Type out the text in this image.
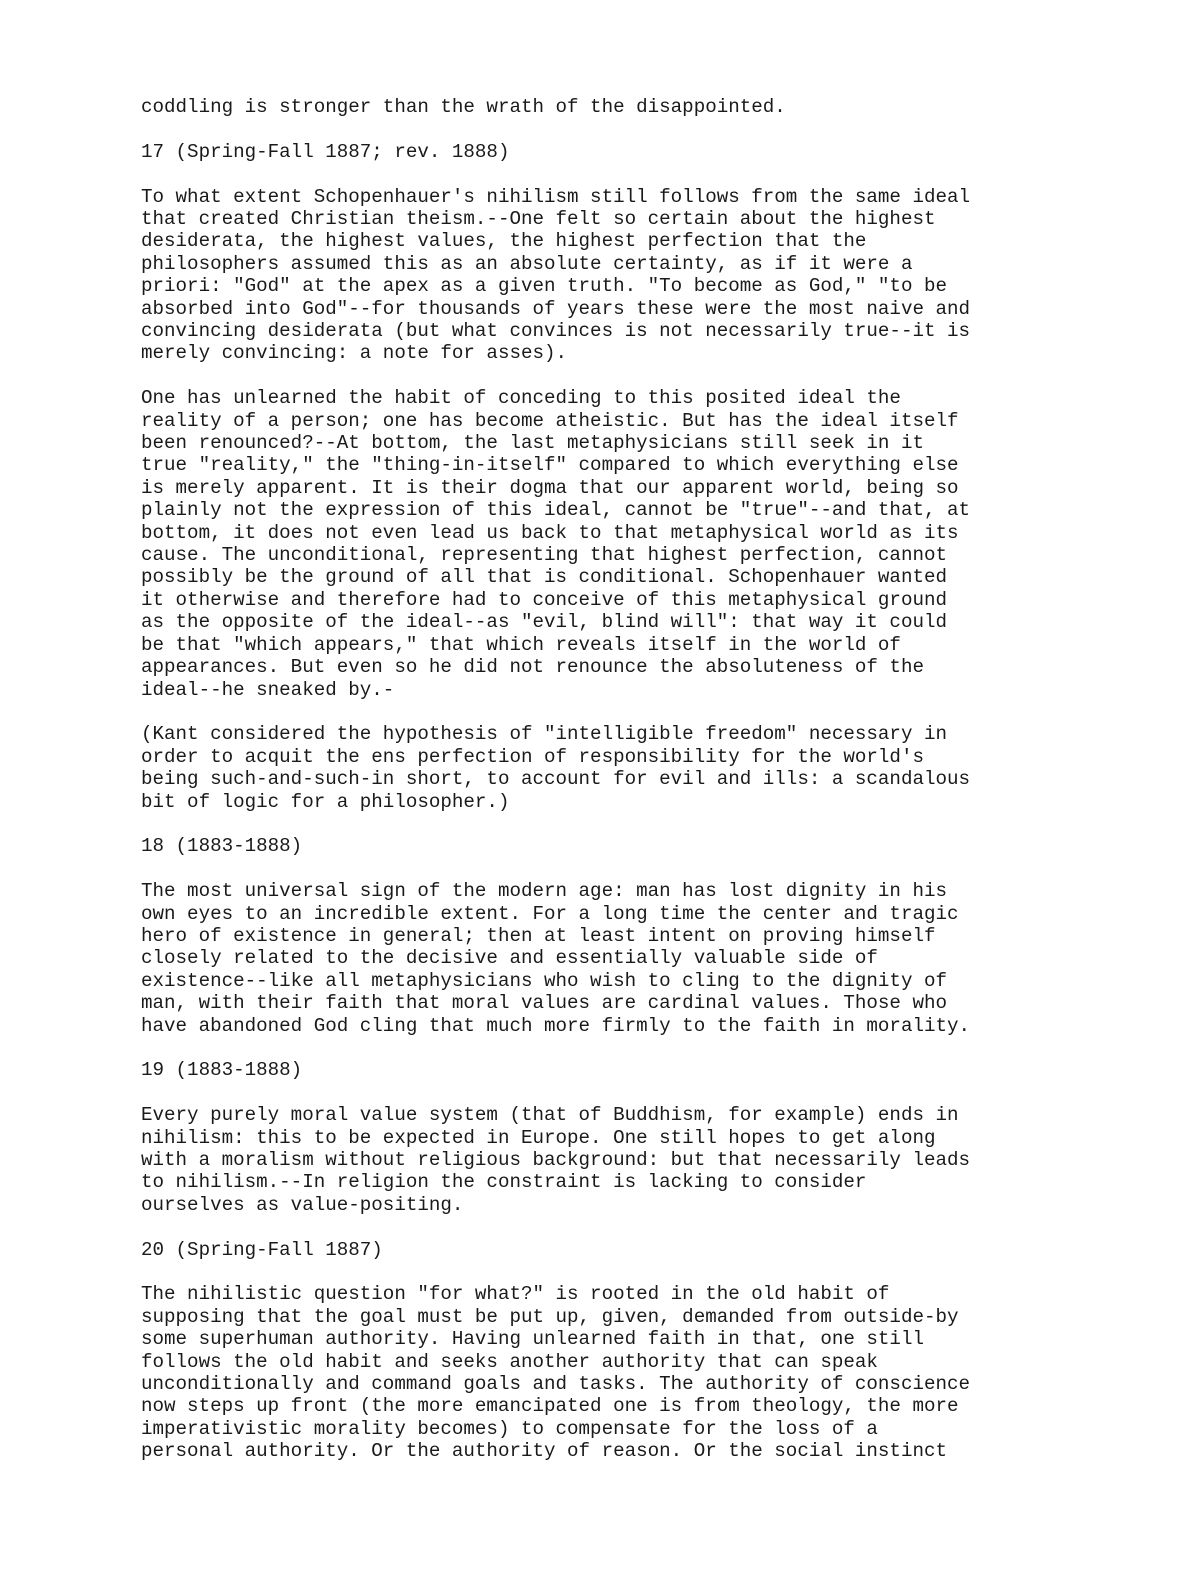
coddling is stronger than the wrath of the disappointed.
17 (Spring-Fall 1887; rev. 1888)
To what extent Schopenhauer's nihilism still follows from the same ideal
that created Christian theism.--One felt so certain about the highest
desiderata, the highest values, the highest perfection that the
philosophers assumed this as an absolute certainty, as if it were a
priori: "God" at the apex as a given truth. "To become as God," "to be
absorbed into God"--for thousands of years these were the most naive and
convincing desiderata (but what convinces is not necessarily true--it is
merely convincing: a note for asses).
One has unlearned the habit of conceding to this posited ideal the
reality of a person; one has become atheistic. But has the ideal itself
been renounced?--At bottom, the last metaphysicians still seek in it
true "reality," the "thing-in-itself" compared to which everything else
is merely apparent. It is their dogma that our apparent world, being so
plainly not the expression of this ideal, cannot be "true"--and that, at
bottom, it does not even lead us back to that metaphysical world as its
cause. The unconditional, representing that highest perfection, cannot
possibly be the ground of all that is conditional. Schopenhauer wanted
it otherwise and therefore had to conceive of this metaphysical ground
as the opposite of the ideal--as "evil, blind will": that way it could
be that "which appears," that which reveals itself in the world of
appearances. But even so he did not renounce the absoluteness of the
ideal--he sneaked by.-
(Kant considered the hypothesis of "intelligible freedom" necessary in
order to acquit the ens perfection of responsibility for the world's
being such-and-such-in short, to account for evil and ills: a scandalous
bit of logic for a philosopher.)
18 (1883-1888)
The most universal sign of the modern age: man has lost dignity in his
own eyes to an incredible extent. For a long time the center and tragic
hero of existence in general; then at least intent on proving himself
closely related to the decisive and essentially valuable side of
existence--like all metaphysicians who wish to cling to the dignity of
man, with their faith that moral values are cardinal values. Those who
have abandoned God cling that much more firmly to the faith in morality.
19 (1883-1888)
Every purely moral value system (that of Buddhism, for example) ends in
nihilism: this to be expected in Europe. One still hopes to get along
with a moralism without religious background: but that necessarily leads
to nihilism.--In religion the constraint is lacking to consider
ourselves as value-positing.
20 (Spring-Fall 1887)
The nihilistic question "for what?" is rooted in the old habit of
supposing that the goal must be put up, given, demanded from outside-by
some superhuman authority. Having unlearned faith in that, one still
follows the old habit and seeks another authority that can speak
unconditionally and command goals and tasks. The authority of conscience
now steps up front (the more emancipated one is from theology, the more
imperativistic morality becomes) to compensate for the loss of a
personal authority. Or the authority of reason. Or the social instinct
